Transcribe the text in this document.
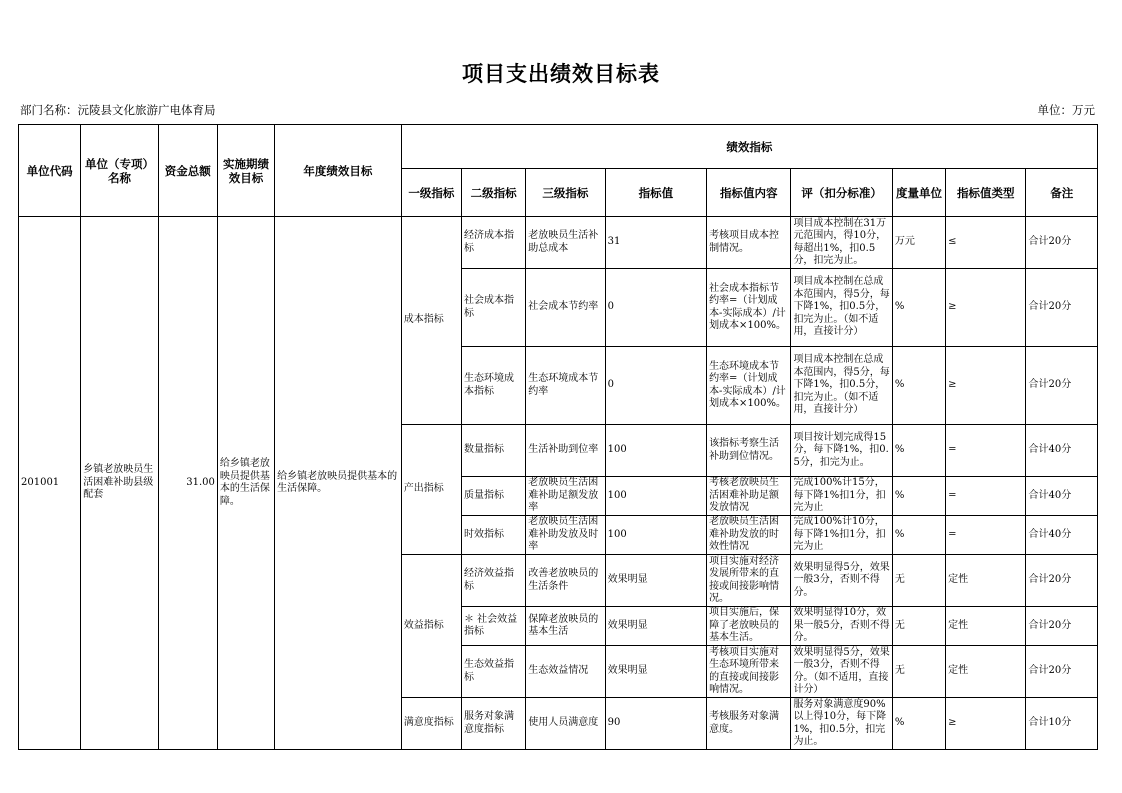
项目支出绩效目标表
部门名称：沅陵县文化旅游广电体育局	单位：万元
单位代码	单位（专项）名称	资金总额	实施期绩效目标	年度绩效目标	绩效指标								
					一级指标	二级指标	三级指标	指标值	指标值内容	评（扣分标准）	度量单位	指标值类型	备注
201001	乡镇老放映员生活困难补助县级配套	31.00	给乡镇老放映员提供基本的生活保障。	给乡镇老放映员提供基本的生活保障。	成本指标	经济成本指标	老放映员生活补助总成本	31	考核项目成本控制情况。	项目成本控制在31万元范围内，得10分，每超出1%，扣0.5分，扣完为止。	万元	≤	合计20分
						社会成本指标	社会成本节约率	0	社会成本指标节约率=（计划成本-实际成本）/计划成本×100%。	项目成本控制在总成本范围内，得5分，每下降1%，扣0.5分，扣完为止。（如不适用，直接计分）	%	≥	合计20分
						生态环境成本指标	生态环境成本节约率	0	生态环境成本节约率=（计划成本-实际成本）/计划成本×100%。	项目成本控制在总成本范围内，得5分，每下降1%，扣0.5分，扣完为止。（如不适用，直接计分）	%	≥	合计20分
					产出指标	数量指标	生活补助到位率	100	该指标考察生活补助到位情况。	项目按计划完成得15分，每下降1%，扣0.5分，扣完为止。	%	=	合计40分
						质量指标	老放映员生活困难补助足额发放率	100	考核老放映员生活困难补助足额发放情况	完成100%计15分，每下降1%扣1分，扣完为止	%	=	合计40分
						时效指标	老放映员生活困难补助发放及时率	100	老放映员生活困难补助发放的时效性情况	完成100%计10分，每下降1%扣1分，扣完为止	%	=	合计40分
					效益指标	经济效益指标	改善老放映员的生活条件	效果明显	项目实施对经济发展所带来的直接或间接影响情况。	效果明显得5分，效果一般3分，否则不得分。	无	定性	合计20分
						＊ 社会效益指标	保障老放映员的基本生活	效果明显	项目实施后，保障了老放映员的基本生活。	效果明显得10分，效果一般5分，否则不得分。	无	定性	合计20分
						生态效益指标	生态效益情况	效果明显	考核项目实施对生态环境所带来的直接或间接影响情况。	效果明显得5分，效果一般3分，否则不得分。（如不适用，直接计分）	无	定性	合计20分
					满意度指标	服务对象满意度指标	使用人员满意度	90	考核服务对象满意度。	服务对象满意度90%以上得10分，每下降1%，扣0.5分，扣完为止。	%	≥	合计10分
